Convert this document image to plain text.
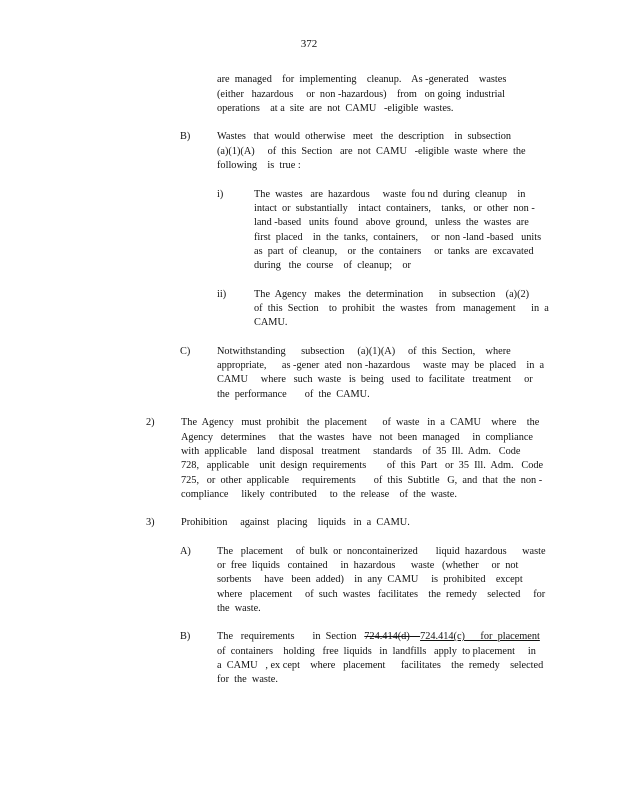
372
are  managed    for  implementing    cleanup.    As -generated    wastes
(either   hazardous     or  non -hazardous)    from   on going  industrial
operations    at a  site  are  not  CAMU   -eligible  wastes.
B)	Wastes   that  would  otherwise   meet   the  description    in  subsection
(a)(1)(A)     of  this  Section   are  not  CAMU   -eligible  waste  where  the
following    is  true :
i)	The  wastes   are  hazardous     waste  fou nd  during  cleanup    in
intact  or  substantially    intact  containers,    tanks,   or  other  non -
land -based   units  found   above  ground,   unless  the  wastes  are
first  placed    in  the  tanks,  containers,     or  non -land -based   units
as  part  of  cleanup,    or  the  containers     or  tanks  are  excavated
during   the  course    of  cleanup;    or
ii)	The  Agency   makes   the  determination      in  subsection    (a)(2)
of  this  Section    to  prohibit   the  wastes   from   management      in  a
CAMU.
C)	Notwithstanding      subsection     (a)(1)(A)     of  this  Section,    where
appropriate,      as -gener  ated  non -hazardous     waste  may  be  placed    in  a
CAMU     where   such  waste   is  being   used  to  facilitate   treatment     or
the  performance       of  the  CAMU.
2)	The  Agency   must  prohibit   the  placement      of  waste   in  a  CAMU    where    the
Agency   determines     that  the  wastes   have   not  been  managed     in  compliance
with  applicable    land  disposal   treatment     standards    of  35  Ill.  Adm.   Code
728,   applicable    unit  design  requirements        of  this  Part   or  35  Ill.  Adm.   Code
725,   or  other  applicable     requirements       of  this  Subtitle   G,  and  that  the  non -
compliance     likely  contributed     to  the  release    of  the  waste.
3)	Prohibition     against   placing    liquids   in  a  CAMU.
A)	The   placement     of  bulk  or  noncontainerized       liquid  hazardous      waste
or  free  liquids   contained     in  hazardous      waste   (whether     or  not
sorbents     have   been  added)    in  any  CAMU     is  prohibited    except
where   placement     of  such  wastes   facilitates    the  remedy    selected     for
the  waste.
B)	The   requirements       in  Section   724.414(d) 724.414(c)      for  placement
of  containers    holding   free  liquids   in  landfills   apply  to placement     in
a  CAMU   , ex cept    where   placement      facilitates    the  remedy    selected
for  the  waste.
